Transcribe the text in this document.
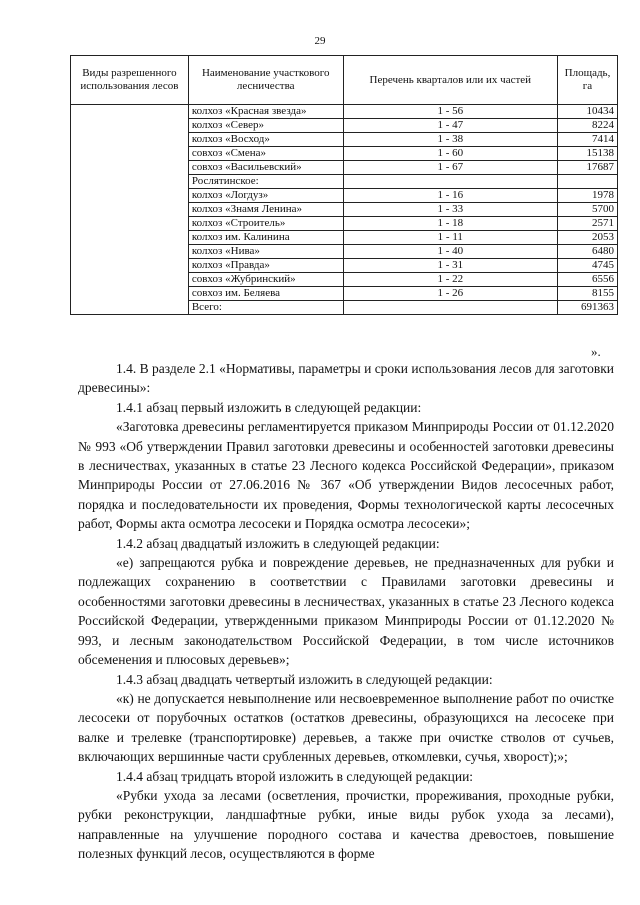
29
Виды разрешенного использования лесов	Наименование участкового лесничества	Перечень кварталов или их частей	Площадь, га
	колхоз «Красная звезда»	1 - 56	10434
	колхоз «Север»	1 - 47	8224
	колхоз «Восход»	1 - 38	7414
	совхоз «Смена»	1 - 60	15138
	совхоз «Васильевский»	1 - 67	17687
	Рослятинское:		
	колхоз «Логдуз»	1 - 16	1978
	колхоз «Знамя Ленина»	1 - 33	5700
	колхоз «Строитель»	1 - 18	2571
	колхоз им. Калинина	1 - 11	2053
	колхоз «Нива»	1 - 40	6480
	колхоз «Правда»	1 - 31	4745
	совхоз «Жубринский»	1 - 22	6556
	совхоз им. Беляева	1 - 26	8155
	Всего:		691363
».

1.4. В разделе 2.1 «Нормативы, параметры и сроки использования лесов для заготовки древесины»:

1.4.1 абзац первый изложить в следующей редакции:

«Заготовка древесины регламентируется приказом Минприроды России от 01.12.2020 № 993 «Об утверждении Правил заготовки древесины и особенностей заготовки древесины в лесничествах, указанных в статье 23 Лесного кодекса Российской Федерации», приказом Минприроды России от 27.06.2016 № 367 «Об утверждении Видов лесосечных работ, порядка и последовательности их проведения, Формы технологической карты лесосечных работ, Формы акта осмотра лесосеки и Порядка осмотра лесосеки»;

1.4.2 абзац двадцатый изложить в следующей редакции:

«е) запрещаются рубка и повреждение деревьев, не предназначенных для рубки и подлежащих сохранению в соответствии с Правилами заготовки древесины и особенностями заготовки древесины в лесничествах, указанных в статье 23 Лесного кодекса Российской Федерации, утвержденными приказом Минприроды России от 01.12.2020 № 993, и лесным законодательством Российской Федерации, в том числе источников обсеменения и плюсовых деревьев»;

1.4.3 абзац двадцать четвертый изложить в следующей редакции:

«к) не допускается невыполнение или несвоевременное выполнение работ по очистке лесосеки от порубочных остатков (остатков древесины, образующихся на лесосеке при валке и трелевке (транспортировке) деревьев, а также при очистке стволов от сучьев, включающих вершинные части срубленных деревьев, откомлевки, сучья, хворост);»;

1.4.4 абзац тридцать второй изложить в следующей редакции:

«Рубки ухода за лесами (осветления, прочистки, прореживания, проходные рубки, рубки реконструкции, ландшафтные рубки, иные виды рубок ухода за лесами), направленные на улучшение породного состава и качества древостоев, повышение полезных функций лесов, осуществляются в форме
